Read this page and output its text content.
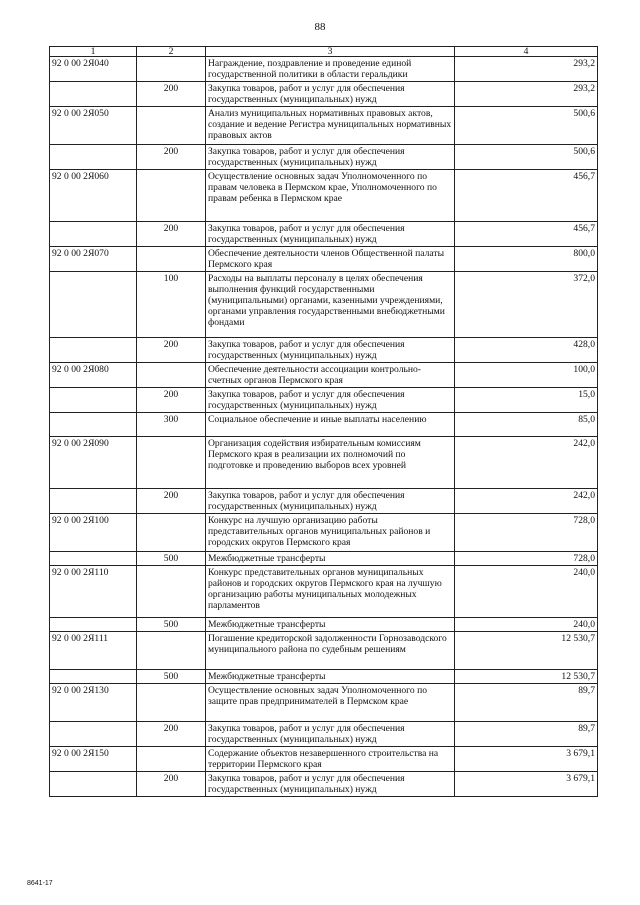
88
1	2	3	4
92 0 00 2Я040		Награждение, поздравление и проведение единой государственной политики в области геральдики	293,2
	200	Закупка товаров, работ и услуг для обеспечения государственных (муниципальных) нужд	293,2
92 0 00 2Я050		Анализ муниципальных нормативных правовых актов, создание и ведение Регистра муниципальных нормативных правовых актов	500,6
	200	Закупка товаров, работ и услуг для обеспечения государственных (муниципальных) нужд	500,6
92 0 00 2Я060		Осуществление основных задач Уполномоченного по правам человека в Пермском крае, Уполномоченного по правам ребенка в Пермском крае	456,7
	200	Закупка товаров, работ и услуг для обеспечения государственных (муниципальных) нужд	456,7
92 0 00 2Я070		Обеспечение деятельности членов Общественной палаты Пермского края	800,0
	100	Расходы на выплаты персоналу в целях обеспечения выполнения функций государственными (муниципальными) органами, казенными учреждениями, органами управления государственными внебюджетными фондами	372,0
	200	Закупка товаров, работ и услуг для обеспечения государственных (муниципальных) нужд	428,0
92 0 00 2Я080		Обеспечение деятельности ассоциации контрольно-счетных органов Пермского края	100,0
	200	Закупка товаров, работ и услуг для обеспечения государственных (муниципальных) нужд	15,0
	300	Социальное обеспечение и иные выплаты населению	85,0
92 0 00 2Я090		Организация содействия избирательным комиссиям Пермского края в реализации их полномочий по подготовке и проведению выборов всех уровней	242,0
	200	Закупка товаров, работ и услуг для обеспечения государственных (муниципальных) нужд	242,0
92 0 00 2Я100		Конкурс на лучшую организацию работы представительных органов муниципальных районов и городских округов Пермского края	728,0
	500	Межбюджетные трансферты	728,0
92 0 00 2Я110		Конкурс представительных органов муниципальных районов и городских округов Пермского края на лучшую организацию работы муниципальных молодежных парламентов	240,0
	500	Межбюджетные трансферты	240,0
92 0 00 2Я111		Погашение кредиторской задолженности Горнозаводского муниципального района по судебным решениям	12 530,7
	500	Межбюджетные трансферты	12 530,7
92 0 00 2Я130		Осуществление основных задач Уполномоченного по защите прав предпринимателей в Пермском крае	89,7
	200	Закупка товаров, работ и услуг для обеспечения государственных (муниципальных) нужд	89,7
92 0 00 2Я150		Содержание объектов незавершенного строительства на территории Пермского края	3 679,1
	200	Закупка товаров, работ и услуг для обеспечения государственных (муниципальных) нужд	3 679,1
8641-17
